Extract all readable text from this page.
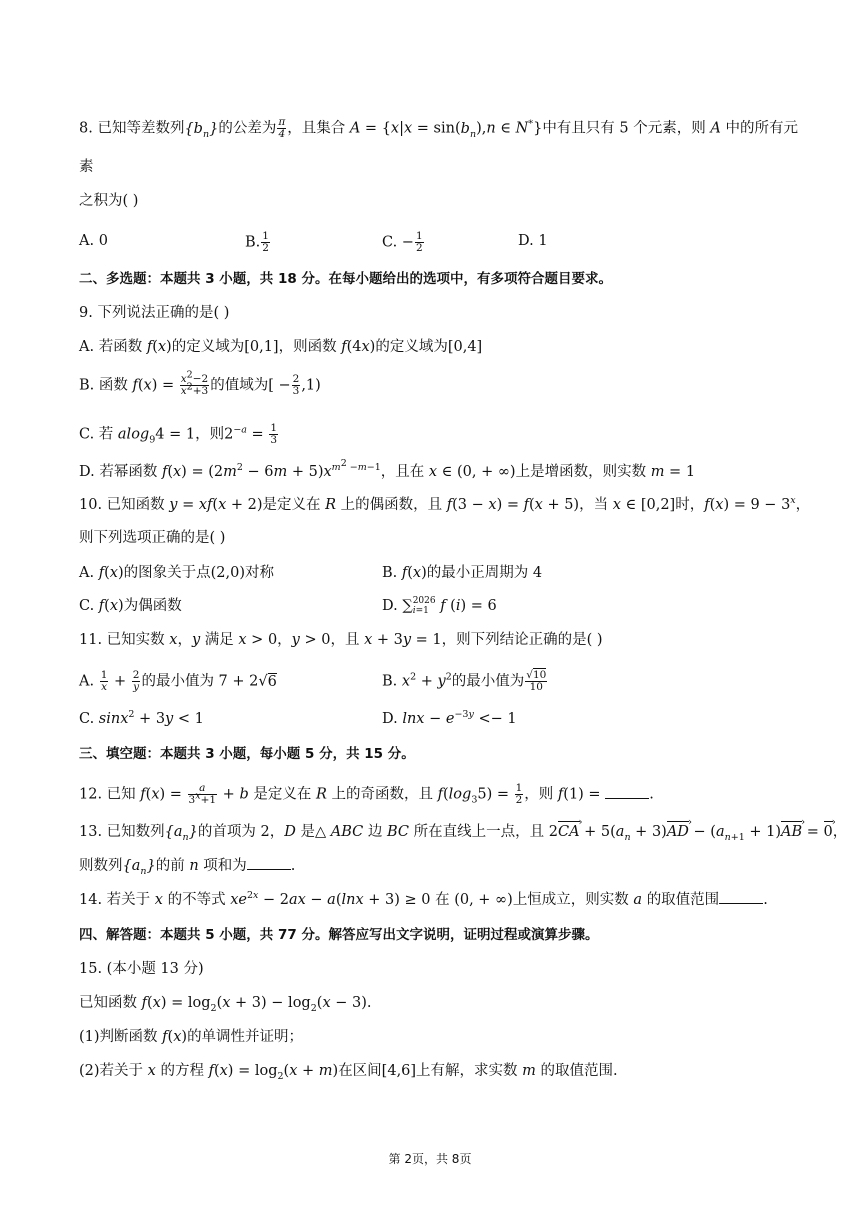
8. 已知等差数列$\{b_n\}$的公差为 $\frac{\pi}{4}$ ，且集合 $A = \{x|x = \sin(b_n),n$ ∈ N*}中有且只有 5 个元素，则 A 中的所有元
素
之积为( )
A. 0	B. $\frac{1}{2}$	C. − $\frac{1}{2}$	D. 1
二、多选题：本题共 3 小题，共 18 分。在每小题给出的选项中，有多项符合题目要求。
9. 下列说法正确的是( )
A. 若函数 f(x)的定义域为[0,1]，则函数 f(4x)的定义域为[0,4]
B. 函数 $f(x) = \frac{x^2-2}{x^2+3}$ 的值域为[ − $\frac{2}{3} ,1$)
C. 若 alog$_9$4 = 1，则$2^{-a} = \frac{1}{3}$
D. 若幂函数 $f(x) = (2m^2 - 6m + 5)x^{m^2 -m-1}$，且在 x ∈ (0, + ∞)上是增函数，则实数 m = 1
10. 已知函数 y = xf(x + 2)是定义在 R 上的偶函数，且 f(3 − x) = f(x + 5)，当 x ∈ [0,2]时，$f(x) = 9 - 3^x$，
则下列选项正确的是( )
A. f(x)的图象关于点(2,0)对称	B. f(x)的最小正周期为 4
C. f(x)为偶函数	D. ∑ 2026
i=1 f (i) = 6
11. 已知实数 x，y 满足 x > 0，y > 0，且 x + 3y = 1，则下列结论正确的是( )
A. $\frac{1}{x} + \frac{2}{y}$ 的最小值为 7 + 2√6	B. $x^2 + y^2$的最小值为 $\frac{√10}{10}$
C. sinx$^2$ + 3y < 1	D. $\ln x - e^{-3y} <- 1$
三、填空题：本题共 3 小题，每小题 5 分，共 15 分。
12. 已知 $f(x) = \frac{a}{3^x+1} + b$ 是定义在 R 上的奇函数，且 $f(\log_35) = \frac{1}{2}$ ，则 f(1) =	.
13. 已知数列$\{a_n\}$的首项为 2，D 是△ ABC 边 BC 所在直线上一点，且 2CA › + $5(a_n + 3)AD$ › − $(a_{n+1} + 1)AB$ › = 0 ›，
则数列$\{a_n\}$的前 n 项和为	.
14. 若关于 x 的不等式 $xe^{2x} - 2ax - a(\ln x + 3) \ge 0$ 在 (0, + ∞)上恒成立，则实数 a 的取值范围	.
四、解答题：本题共 5 小题，共 77 分。解答应写出文字说明，证明过程或演算步骤。
15. (本小题 13 分)
已知函数 $f(x) = \log_2(x + 3) - \log_2(x - 3)$.
(1)判断函数 f(x)的单调性并证明；
(2)若关于 x 的方程 $f(x) = \log_2(x + m)$在区间[4,6]上有解，求实数 m 的取值范围.
第 2页，共 8页
